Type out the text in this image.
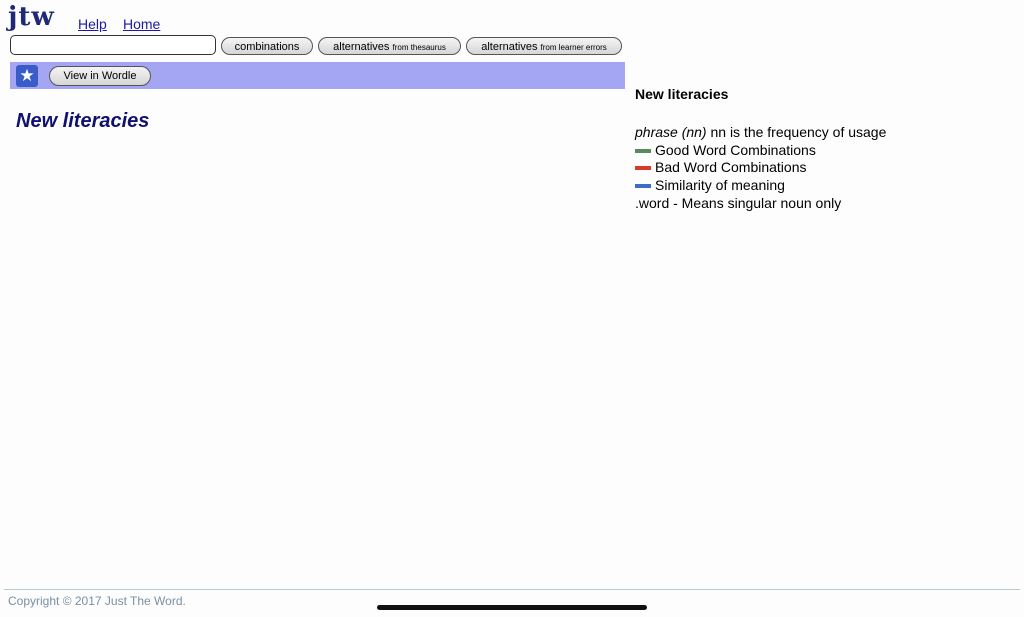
jtw Help Home
combinations	alternatives from thesaurus	alternatives from learner errors
★	View in Wordle
New literacies
New literacies
phrase (nn) nn is the frequency of usage
Good Word Combinations
Bad Word Combinations
Similarity of meaning
.word - Means singular noun only
Copyright © 2017 Just The Word.
